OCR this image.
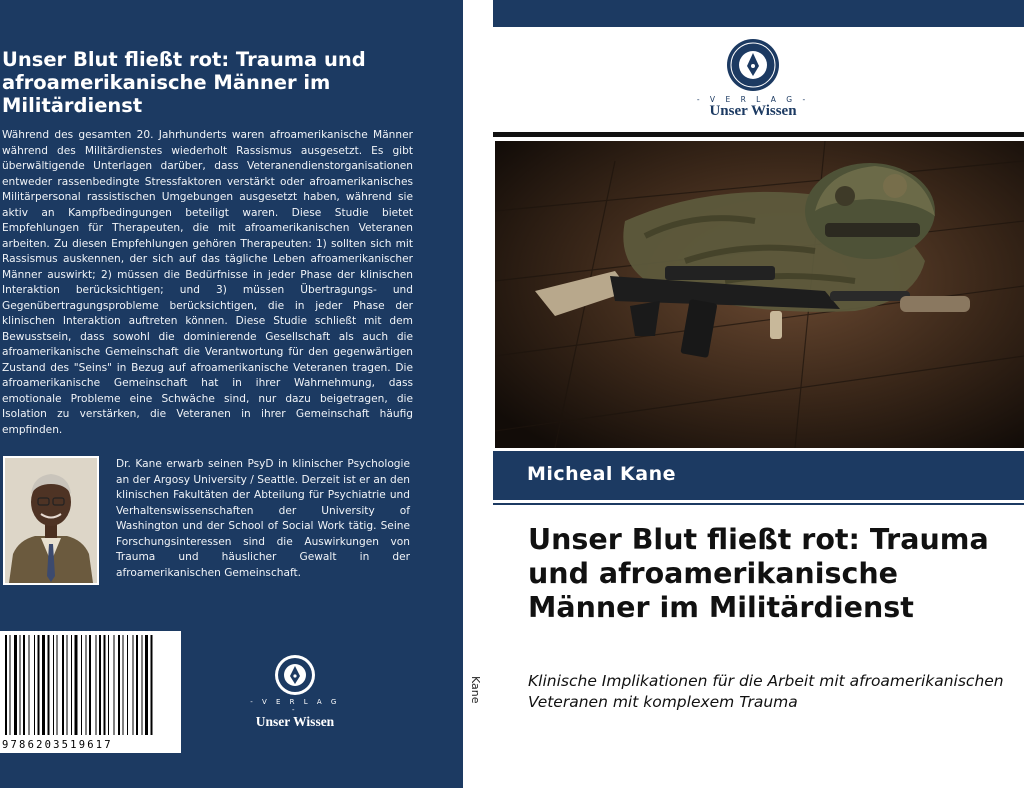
Unser Blut fließt rot: Trauma und afroamerikanische Männer im Militärdienst

Während des gesamten 20. Jahrhunderts waren afroamerikanische Männer während des Militärdienstes wiederholt Rassismus ausgesetzt. Es gibt überwältigende Unterlagen darüber, dass Veteranendienstorganisationen entweder rassenbedingte Stressfaktoren verstärkt oder afroamerikanisches Militärpersonal rassistischen Umgebungen ausgesetzt haben, während sie aktiv an Kampfbedingungen beteiligt waren. Diese Studie bietet Empfehlungen für Therapeuten, die mit afroamerikanischen Veteranen arbeiten. Zu diesen Empfehlungen gehören Therapeuten: 1) sollten sich mit Rassismus auskennen, der sich auf das tägliche Leben afroamerikanischer Männer auswirkt; 2) müssen die Bedürfnisse in jeder Phase der klinischen Interaktion berücksichtigen; und 3) müssen Übertragungs- und Gegenübertragungsprobleme berücksichtigen, die in jeder Phase der klinischen Interaktion auftreten können. Diese Studie schließt mit dem Bewusstsein, dass sowohl die dominierende Gesellschaft als auch die afroamerikanische Gemeinschaft die Verantwortung für den gegenwärtigen Zustand des "Seins" in Bezug auf afroamerikanische Veteranen tragen. Die afroamerikanische Gemeinschaft hat in ihrer Wahrnehmung, dass emotionale Probleme eine Schwäche sind, nur dazu beigetragen, die Isolation zu verstärken, die Veteranen in ihrer Gemeinschaft häufig empfinden.

Dr. Kane erwarb seinen PsyD in klinischer Psychologie an der Argosy University / Seattle. Derzeit ist er an den klinischen Fakultäten der Abteilung für Psychiatrie und Verhaltenswissenschaften der University of Washington und der School of Social Work tätig. Seine Forschungsinteressen sind die Auswirkungen von Trauma und häuslicher Gewalt in der afroamerikanischen Gemeinschaft.

9786203519617
- V E R L A G -
Unser Wissen
Kane
- V E R L A G -
Unser Wissen
Micheal Kane
Unser Blut fließt rot: Trauma und afroamerikanische Männer im Militärdienst

Klinische Implikationen für die Arbeit mit afroamerikanischen Veteranen mit komplexem Trauma
